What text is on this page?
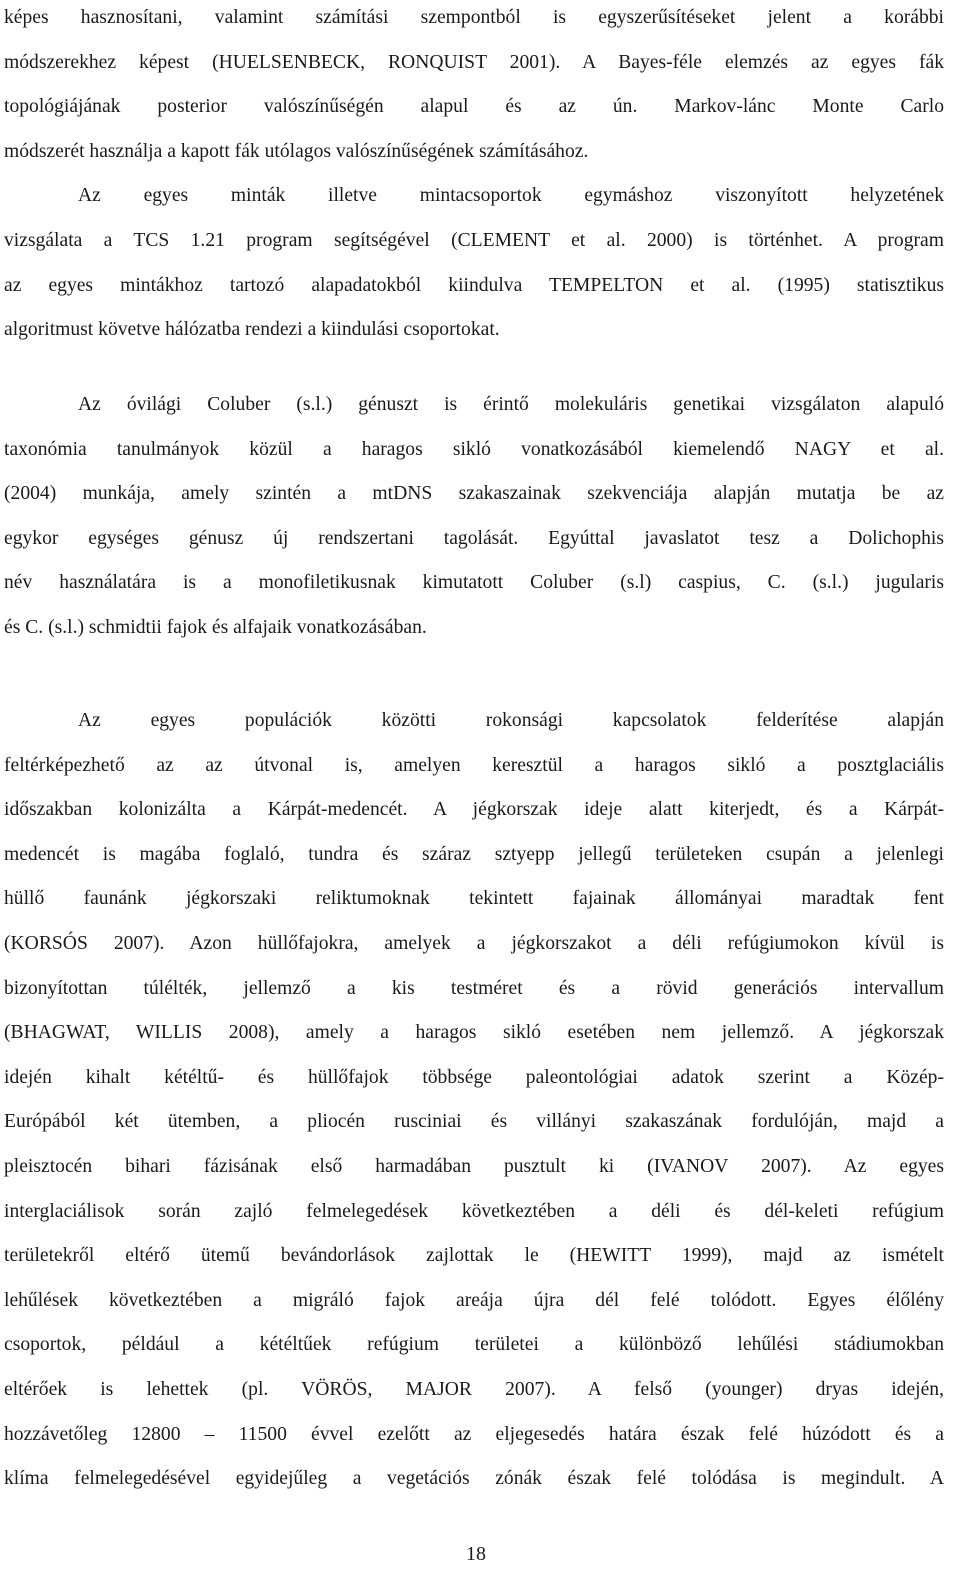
képes hasznosítani, valamint számítási szempontból is egyszerűsítéseket jelent a korábbi
módszerekhez képest (HUELSENBECK, RONQUIST 2001). A Bayes-féle elemzés az egyes fák
topológiájának posterior valószínűségén alapul és az ún. Markov-lánc Monte Carlo
módszerét használja a kapott fák utólagos valószínűségének számításához.
Az egyes minták illetve mintacsoportok egymáshoz viszonyított helyzetének
vizsgálata a TCS 1.21 program segítségével (CLEMENT et al. 2000) is történhet. A program
az egyes mintákhoz tartozó alapadatokból kiindulva TEMPELTON et al. (1995) statisztikus
algoritmust követve hálózatba rendezi a kiindulási csoportokat.
Az óvilági Coluber (s.l.) génuszt is érintő molekuláris genetikai vizsgálaton alapuló
taxonómia tanulmányok közül a haragos sikló vonatkozásából kiemelendő NAGY et al.
(2004) munkája, amely szintén a mtDNS szakaszainak szekvenciája alapján mutatja be az
egykor egységes génusz új rendszertani tagolását. Egyúttal javaslatot tesz a Dolichophis
név használatára is a monofiletikusnak kimutatott Coluber (s.l) caspius, C. (s.l.) jugularis
és C. (s.l.) schmidtii fajok és alfajaik vonatkozásában.
Az egyes populációk közötti rokonsági kapcsolatok felderítése alapján
feltérképezhető az az útvonal is, amelyen keresztül a haragos sikló a posztglaciális
időszakban kolonizálta a Kárpát-medencét. A jégkorszak ideje alatt kiterjedt, és a Kárpát-
medencét is magába foglaló, tundra és száraz sztyepp jellegű területeken csupán a jelenlegi
hüllő faunánk jégkorszaki reliktumoknak tekintett fajainak állományai maradtak fent
(KORSÓS 2007). Azon hüllőfajokra, amelyek a jégkorszakot a déli refúgiumokon kívül is
bizonyítottan túlélték, jellemző a kis testméret és a rövid generációs intervallum
(BHAGWAT, WILLIS 2008), amely a haragos sikló esetében nem jellemző. A jégkorszak
idején kihalt kétéltű- és hüllőfajok többsége paleontológiai adatok szerint a Közép-
Európából két ütemben, a pliocén rusciniai és villányi szakaszának fordulóján, majd a
pleisztocén bihari fázisának első harmadában pusztult ki (IVANOV 2007). Az egyes
interglaciálisok során zajló felmelegedések következtében a déli és dél-keleti refúgium
területekről eltérő ütemű bevándorlások zajlottak le (HEWITT 1999), majd az ismételt
lehűlések következtében a migráló fajok areája újra dél felé tolódott. Egyes élőlény
csoportok, például a kétéltűek refúgium területei a különböző lehűlési stádiumokban
eltérőek is lehettek (pl. VÖRÖS, MAJOR 2007). A felső (younger) dryas idején,
hozzávetőleg 12800 – 11500 évvel ezelőtt az eljegesedés határa észak felé húzódott és a
klíma felmelegedésével egyidejűleg a vegetációs zónák észak felé tolódása is megindult. A
18
